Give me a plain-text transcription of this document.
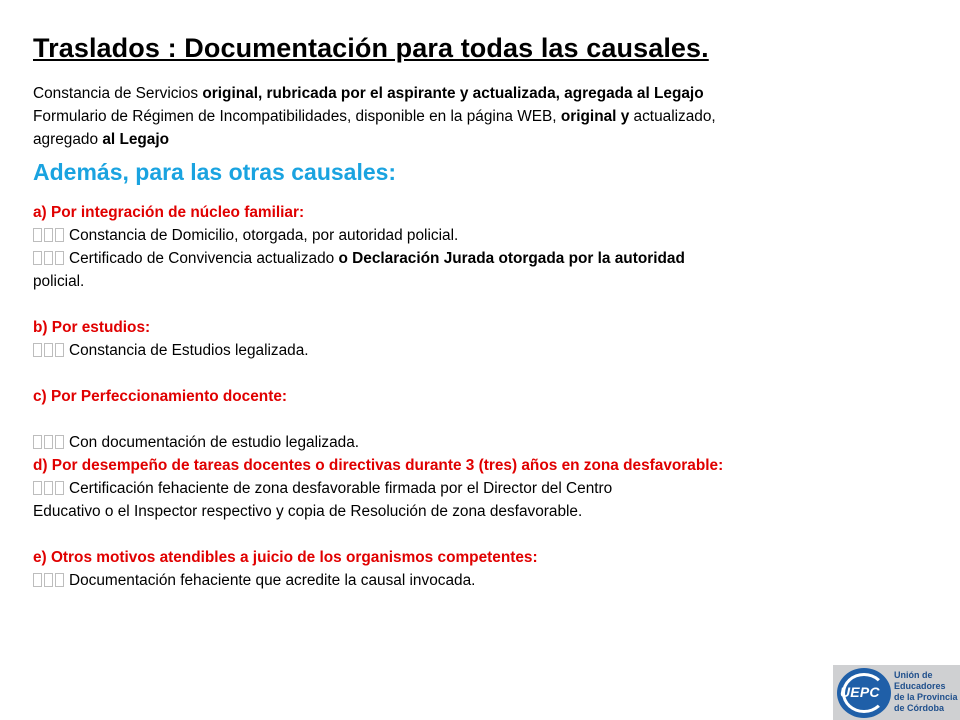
Traslados : Documentación para todas las causales.

Constancia de Servicios original, rubricada por el aspirante y actualizada, agregada al Legajo

Formulario de Régimen de Incompatibilidades, disponible en la página WEB, original y actualizado,

agregado al Legajo

Además, para las otras causales:

a) Por integración de núcleo familiar:

Constancia de Domicilio, otorgada, por autoridad policial.

Certificado de Convivencia actualizado o Declaración Jurada otorgada por la autoridad

policial.

b) Por estudios:

Constancia de Estudios legalizada.

c) Por Perfeccionamiento docente:

Con documentación de estudio legalizada.

d) Por desempeño de tareas docentes o directivas durante 3 (tres) años en zona desfavorable:

Certificación fehaciente de zona desfavorable firmada por el Director del Centro

Educativo o el Inspector respectivo y copia de Resolución de zona desfavorable.

e) Otros motivos atendibles a juicio de los organismos competentes:

Documentación fehaciente que acredite la causal invocada.

UEPC
Unión de
Educadores
de la Provincia
de Córdoba
